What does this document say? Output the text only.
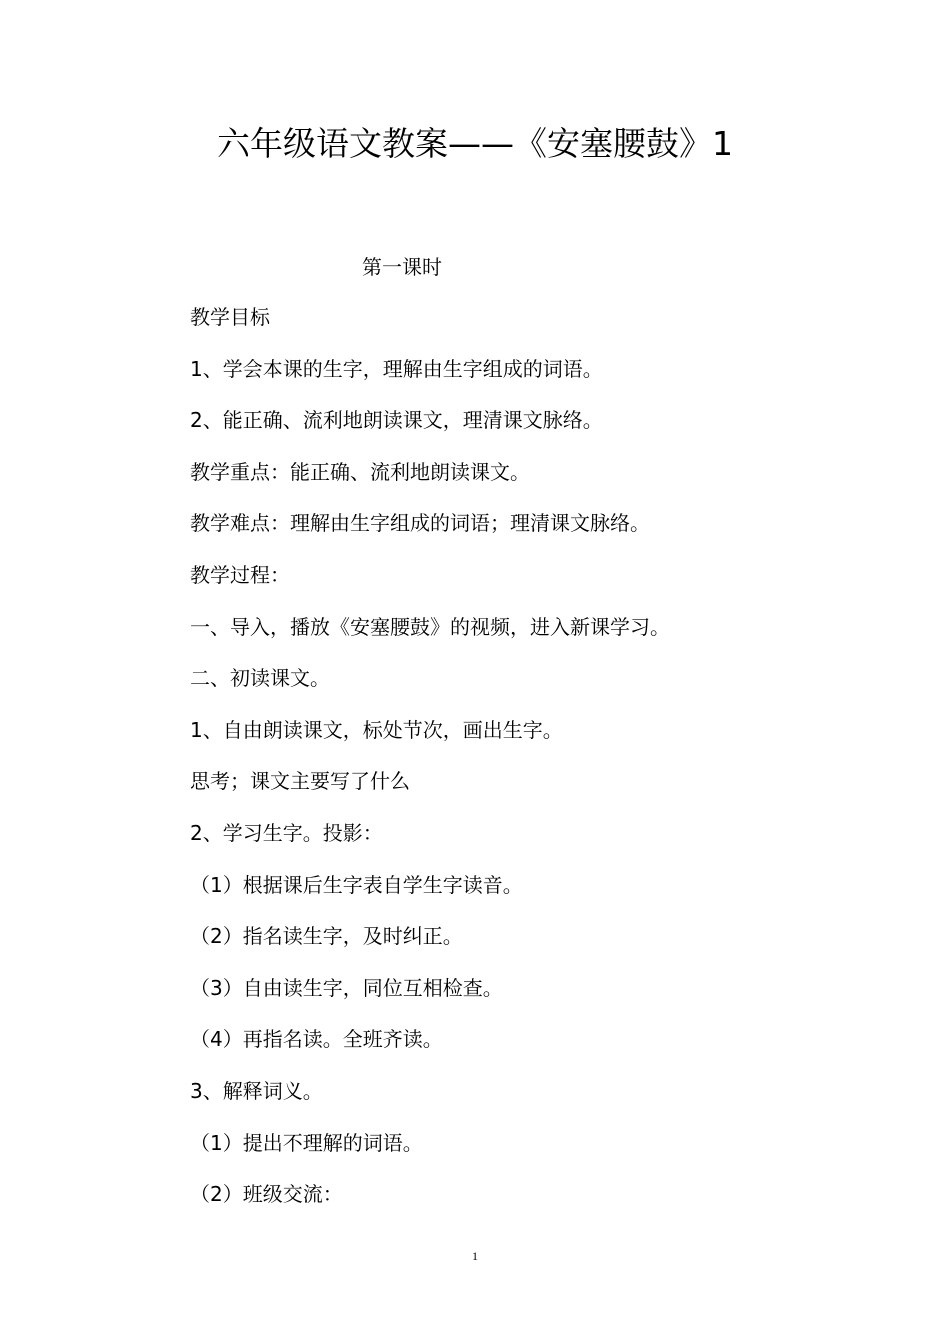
六年级语文教案——《安塞腰鼓》1
第一课时
教学目标
1、学会本课的生字，理解由生字组成的词语。
2、能正确、流利地朗读课文，理清课文脉络。
教学重点：能正确、流利地朗读课文。
教学难点：理解由生字组成的词语；理清课文脉络。
教学过程：
一、导入，播放《安塞腰鼓》的视频，进入新课学习。
二、初读课文。
1、自由朗读课文，标处节次，画出生字。
思考；课文主要写了什么
2、学习生字。投影：
（1）根据课后生字表自学生字读音。
（2）指名读生字，及时纠正。
（3）自由读生字，同位互相检查。
（4）再指名读。全班齐读。
3、解释词义。
（1）提出不理解的词语。
（2）班级交流：
1
